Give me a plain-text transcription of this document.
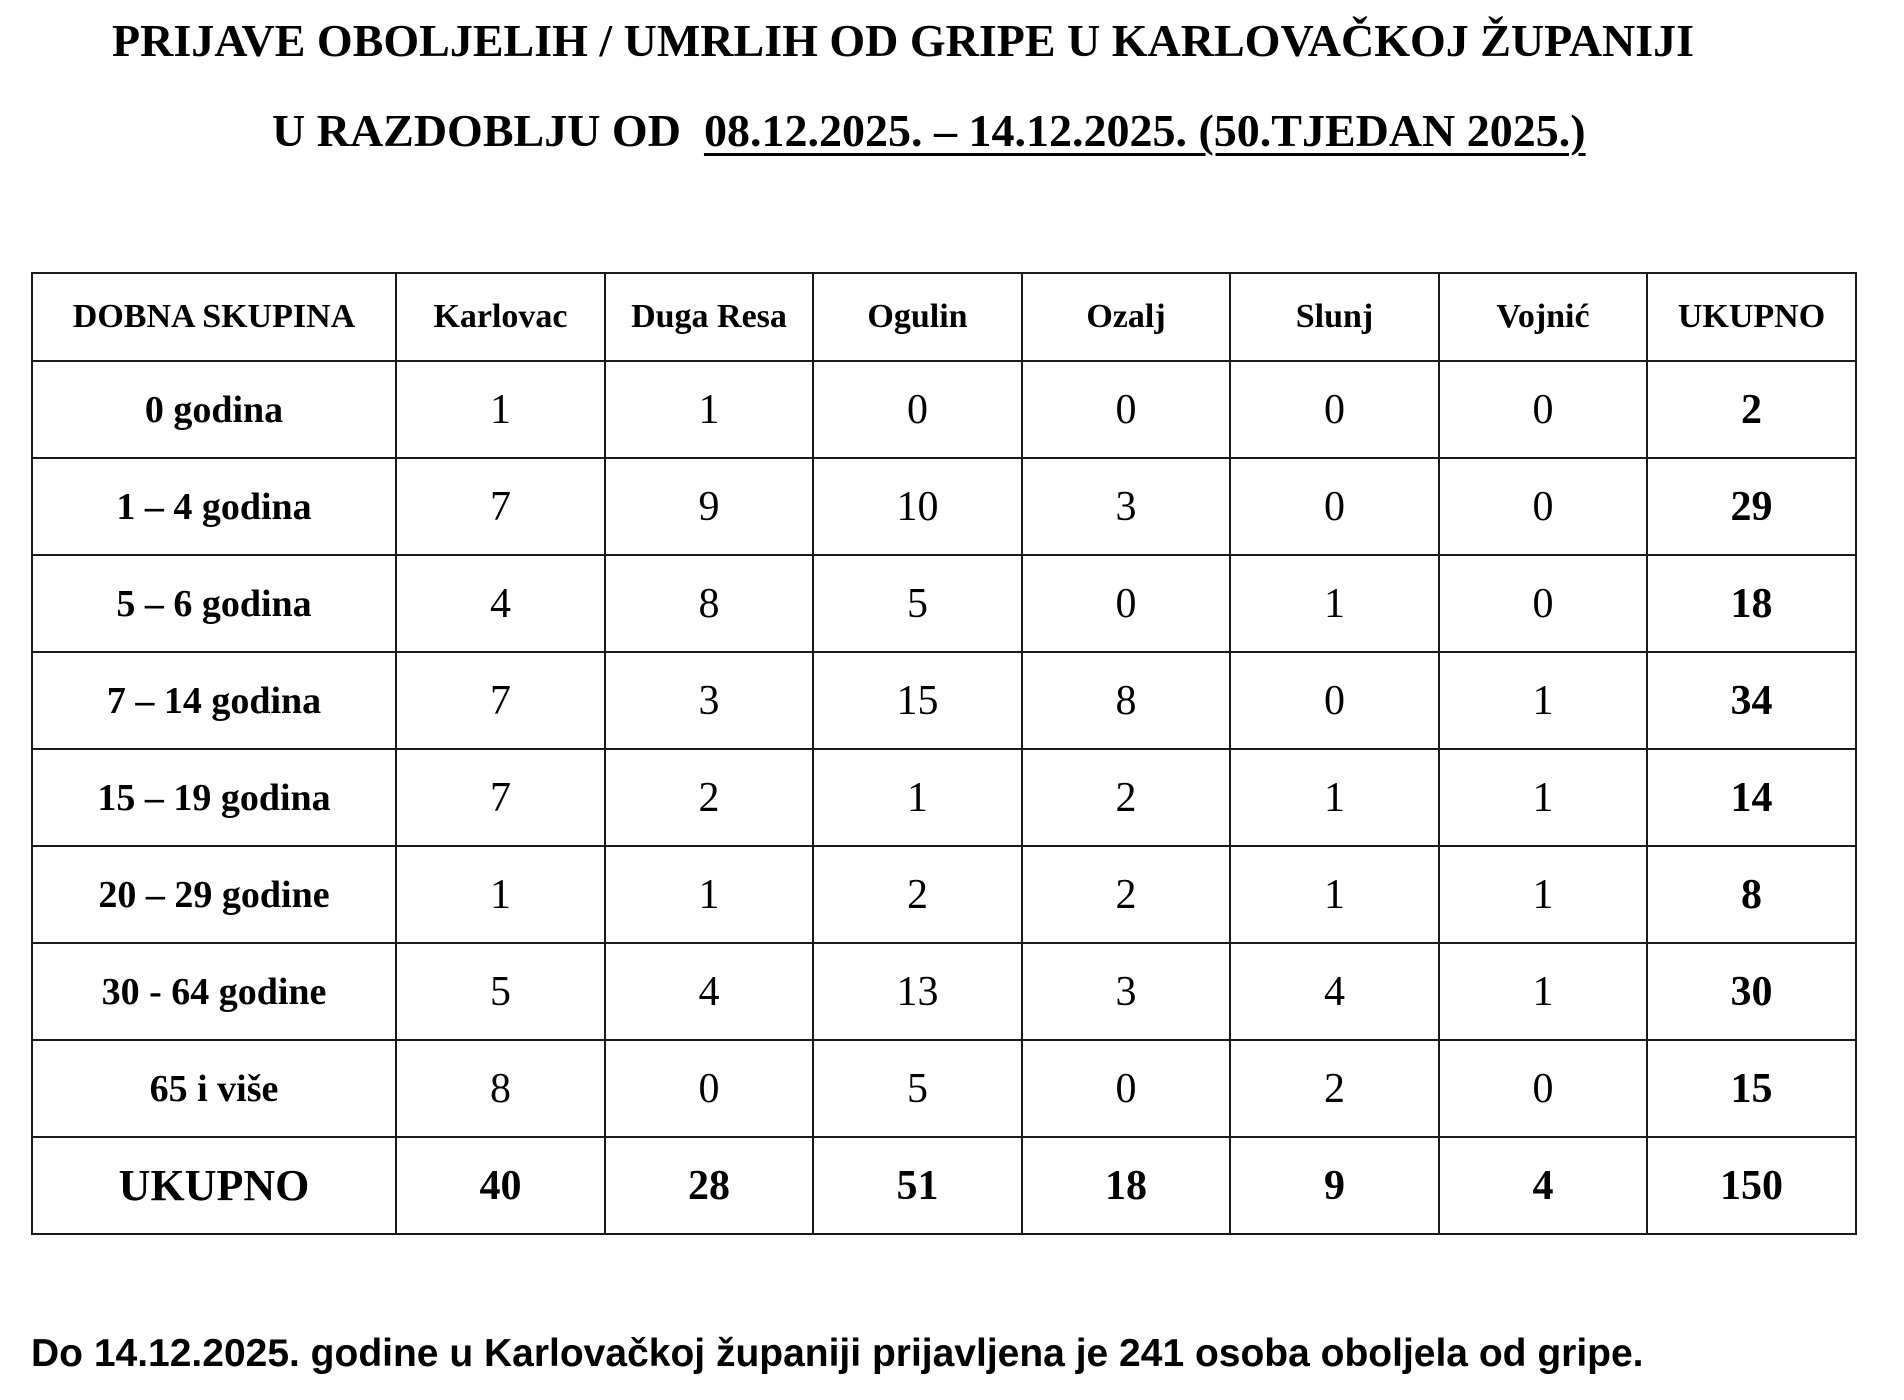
PRIJAVE OBOLJELIH / UMRLIH OD GRIPE U KARLOVAČKOJ ŽUPANIJI
U RAZDOBLJU OD 08.12.2025. – 14.12.2025. (50.TJEDAN 2025.)
DOBNA SKUPINA	Karlovac	Duga Resa	Ogulin	Ozalj	Slunj	Vojnić	UKUPNO
0 godina	1	1	0	0	0	0	2
1 – 4 godina	7	9	10	3	0	0	29
5 – 6 godina	4	8	5	0	1	0	18
7 – 14 godina	7	3	15	8	0	1	34
15 – 19 godina	7	2	1	2	1	1	14
20 – 29 godine	1	1	2	2	1	1	8
30 - 64 godine	5	4	13	3	4	1	30
65 i više	8	0	5	0	2	0	15
UKUPNO	40	28	51	18	9	4	150
Do 14.12.2025. godine u Karlovačkoj županiji prijavljena je 241 osoba oboljela od gripe.
